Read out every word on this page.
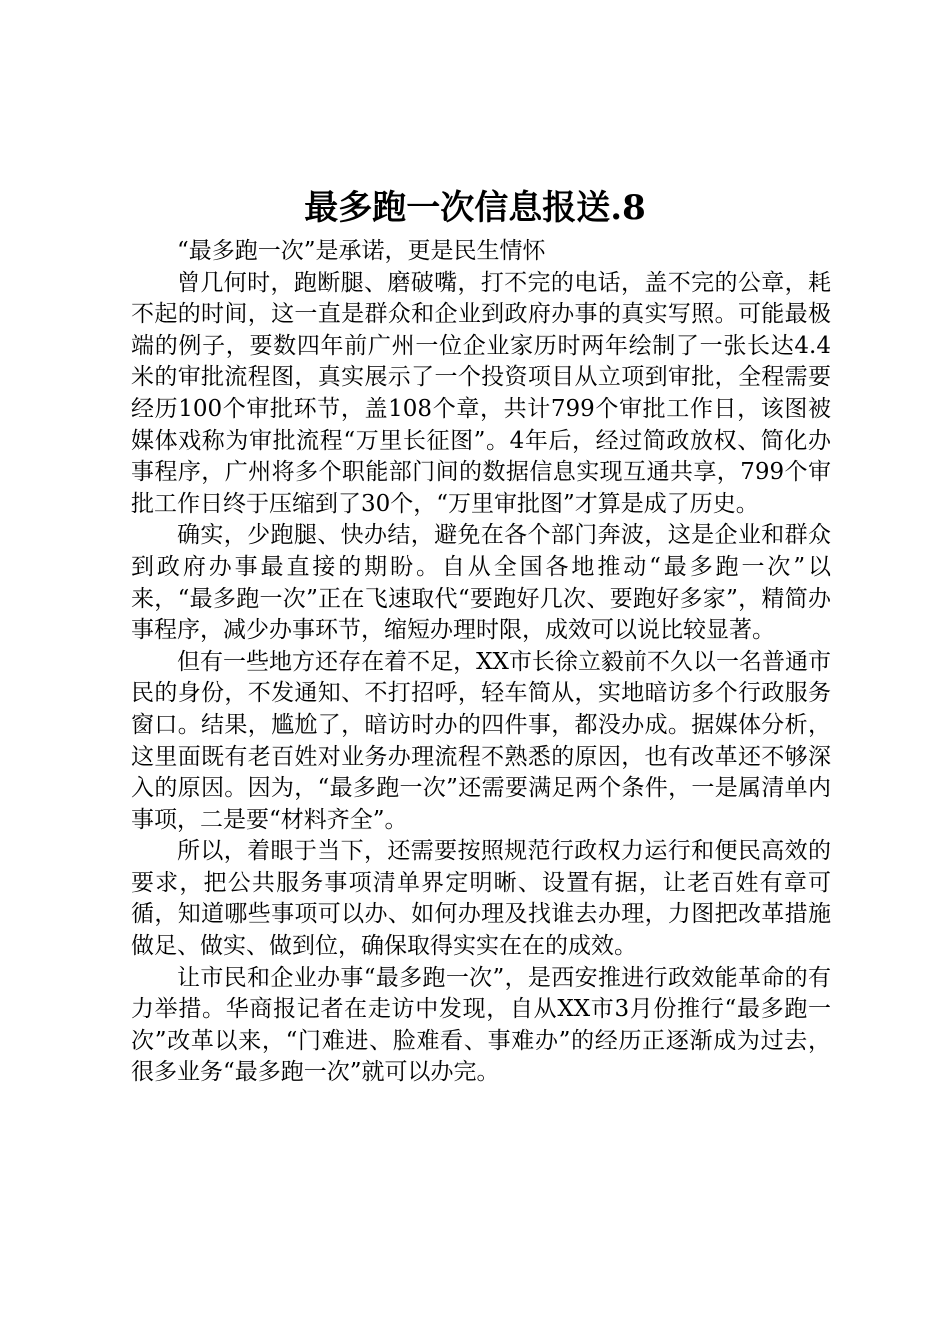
最多跑一次信息报送.8

“最多跑一次”是承诺，更是民生情怀

曾几何时，跑断腿、磨破嘴，打不完的电话，盖不完的公章，耗不起的时间，这一直是群众和企业到政府办事的真实写照。可能最极端的例子，要数四年前广州一位企业家历时两年绘制了一张长达4.4米的审批流程图，真实展示了一个投资项目从立项到审批，全程需要经历100个审批环节，盖108个章，共计799个审批工作日，该图被媒体戏称为审批流程“万里长征图”。4年后，经过简政放权、简化办事程序，广州将多个职能部门间的数据信息实现互通共享，799个审批工作日终于压缩到了30个，“万里审批图”才算是成了历史。

确实，少跑腿、快办结，避免在各个部门奔波，这是企业和群众到政府办事最直接的期盼。自从全国各地推动“最多跑一次”以来，“最多跑一次”正在飞速取代“要跑好几次、要跑好多家”，精简办事程序，减少办事环节，缩短办理时限，成效可以说比较显著。

但有一些地方还存在着不足，XX市长徐立毅前不久以一名普通市民的身份，不发通知、不打招呼，轻车简从，实地暗访多个行政服务窗口。结果，尴尬了，暗访时办的四件事，都没办成。据媒体分析，这里面既有老百姓对业务办理流程不熟悉的原因，也有改革还不够深入的原因。因为，“最多跑一次”还需要满足两个条件，一是属清单内事项，二是要“材料齐全”。

所以，着眼于当下，还需要按照规范行政权力运行和便民高效的要求，把公共服务事项清单界定明晰、设置有据，让老百姓有章可循，知道哪些事项可以办、如何办理及找谁去办理，力图把改革措施做足、做实、做到位，确保取得实实在在的成效。

让市民和企业办事“最多跑一次”，是西安推进行政效能革命的有力举措。华商报记者在走访中发现，自从XX市3月份推行“最多跑一次”改革以来，“门难进、脸难看、事难办”的经历正逐渐成为过去，很多业务“最多跑一次”就可以办完。
